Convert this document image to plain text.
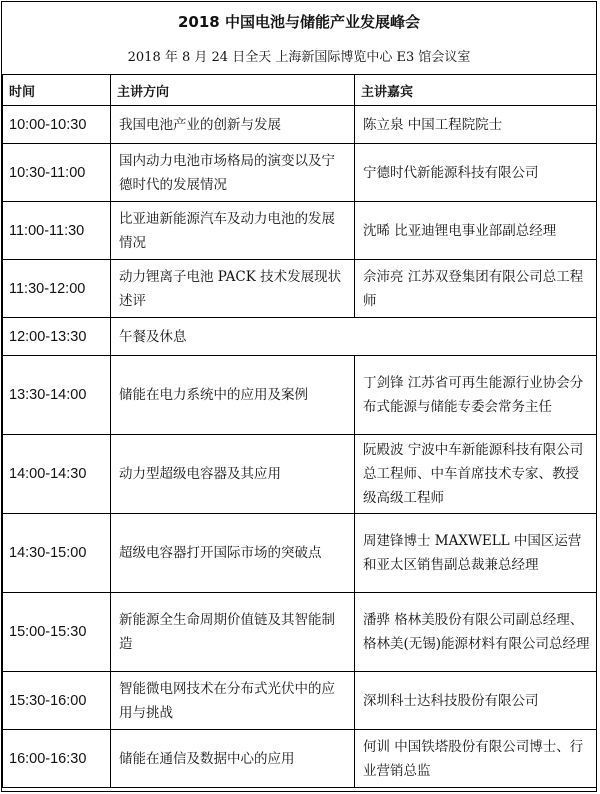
2018 中国电池与储能产业发展峰会
2018 年 8 月 24 日全天 上海新国际博览中心 E3 馆会议室
时间	主讲方向	主讲嘉宾
10:00-10:30	我国电池产业的创新与发展	陈立泉 中国工程院院士
10:30-11:00	国内动力电池市场格局的演变以及宁德时代的发展情况	宁德时代新能源科技有限公司
11:00-11:30	比亚迪新能源汽车及动力电池的发展情况	沈晞 比亚迪锂电事业部副总经理
11:30-12:00	动力锂离子电池 PACK 技术发展现状述评	佘沛亮 江苏双登集团有限公司总工程师
12:00-13:30	午餐及休息	
13:30-14:00	储能在电力系统中的应用及案例	丁剑锋 江苏省可再生能源行业协会分布式能源与储能专委会常务主任
14:00-14:30	动力型超级电容器及其应用	阮殿波 宁波中车新能源科技有限公司总工程师、中车首席技术专家、教授级高级工程师
14:30-15:00	超级电容器打开国际市场的突破点	周建锋博士 MAXWELL 中国区运营和亚太区销售副总裁兼总经理
15:00-15:30	新能源全生命周期价值链及其智能制造	潘骅 格林美股份有限公司副总经理、格林美(无锡)能源材料有限公司总经理
15:30-16:00	智能微电网技术在分布式光伏中的应用与挑战	深圳科士达科技股份有限公司
16:00-16:30	储能在通信及数据中心的应用	何训 中国铁塔股份有限公司博士、行业营销总监
